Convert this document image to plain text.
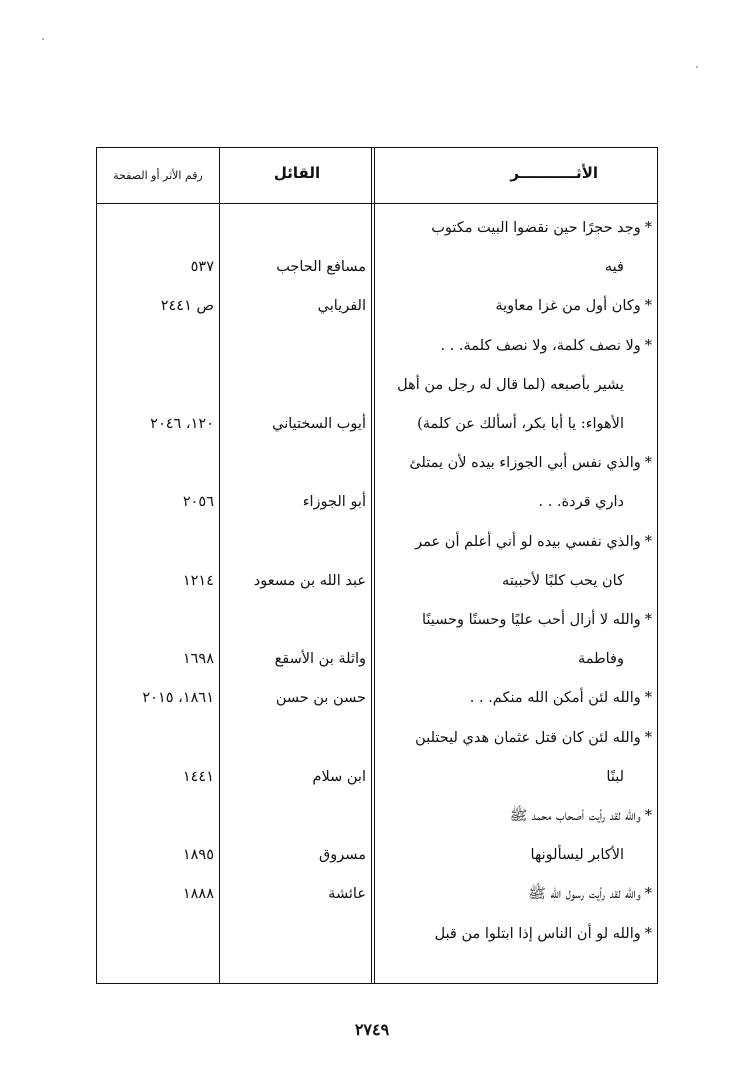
الأثـــــــــــر
القائل
رقم الأثر أو الصفحة
*وجد حجرًا حين نقضوا البيت مكتوب
فيه
مسافع الحاجب
٥٣٧
*وكان أول من غزا معاوية
الفريابي
ص ٢٤٤١
*ولا نصف كلمة، ولا نصف كلمة. . .
يشير بأصبعه (لما قال له رجل من أهل
الأهواء: يا أبا بكر، أسألك عن كلمة)
أيوب السختياني
١٢٠، ٢٠٤٦
*والذي نفس أبي الجوزاء بيده لأن يمتلئ
داري قردة. . .
أبو الجوزاء
٢٠٥٦
*والذي نفسي بيده لو أني أعلم أن عمر
كان يحب كلبًا لأحببته
عبد الله بن مسعود
١٢١٤
*والله لا أزال أحب عليًا وحسنًا وحسينًا
وفاطمة
واثلة بن الأسقع
١٦٩٨
*والله لئن أمكن الله منكم. . .
حسن بن حسن
١٨٦١، ٢٠١٥
*والله لئن كان قتل عثمان هدي ليحتلبن
لبنًا
ابن سلام
١٤٤١
*والله لقد رأيت أصحاب محمد ﷺ
الأكابر ليسألونها
مسروق
١٨٩٥
*والله لقد رأيت رسول الله ﷺ
عائشة
١٨٨٨
*والله لو أن الناس إذا ابتلوا من قبل
٢٧٤٩
